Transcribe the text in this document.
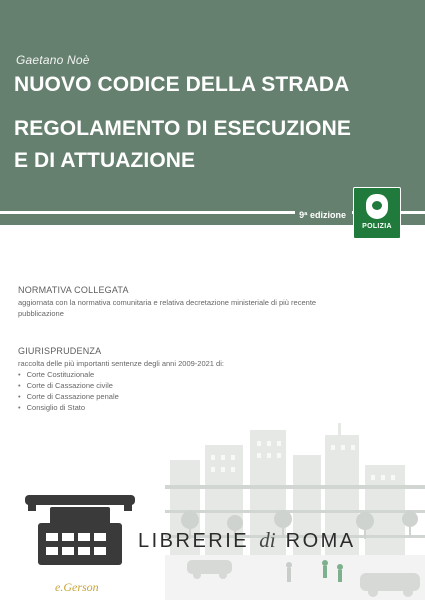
Gaetano Noè
NUOVO CODICE DELLA STRADA
REGOLAMENTO DI ESECUZIONE
E DI ATTUAZIONE
9ª edizione
POLIZIA
NORMATIVA COLLEGATA
aggiornata con la normativa comunitaria e relativa decretazione ministeriale di più recente pubblicazione
GIURISPRUDENZA
raccolta delle più importanti sentenze degli anni 2009-2021 di:
• Corte Costituzionale
• Corte di Cassazione civile
• Corte di Cassazione penale
• Consiglio di Stato
LIBRERIE di ROMA
e.Gerson
